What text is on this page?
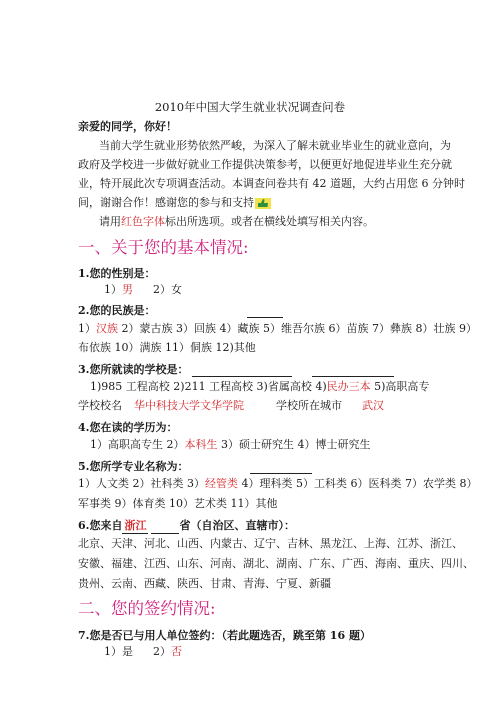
2010年中国大学生就业状况调查问卷
亲爱的同学，你好！
当前大学生就业形势依然严峻，为深入了解未就业毕业生的就业意向，为
政府及学校进一步做好就业工作提供决策参考，以便更好地促进毕业生充分就
业，特开展此次专项调查活动。本调查问卷共有 42 道题，大约占用您 6 分钟时
间，谢谢合作！感谢您的参与和支持
请用红色字体标出所选项。或者在横线处填写相关内容。
一、关于您的基本情况:
1.您的性别是：
1）男 2）女
2.您的民族是：
1）汉族 2）蒙古族 3）回族 4）藏族 5）维吾尔族 6）苗族 7）彝族 8）壮族 9）
布依族 10）满族 11）侗族 12)其他
3.您所就读的学校是：
1)985 工程高校 2)211 工程高校 3)省属高校 4)民办三本 5)高职高专
学校校名 华中科技大学文华学院	学校所在城市 武汉
4.您在读的学历为：
1）高职高专生 2）本科生 3）硕士研究生 4）博士研究生
5.您所学专业名称为：
1）人文类 2）社科类 3）经管类 4）理科类 5）工科类 6）医科类 7）农学类 8）
军事类 9）体育类 10）艺术类 11）其他
6.您来自 浙江	省（自治区、直辖市）：
北京、天津、河北、山西、内蒙古、辽宁、吉林、黑龙江、上海、江苏、浙江、
安徽、福建、江西、山东、河南、湖北、湖南、广东、广西、海南、重庆、四川、
贵州、云南、西藏、陕西、甘肃、青海、宁夏、新疆
二、您的签约情况:
7.您是否已与用人单位签约：（若此题选否，跳至第 16 题）
1）是 2）否
